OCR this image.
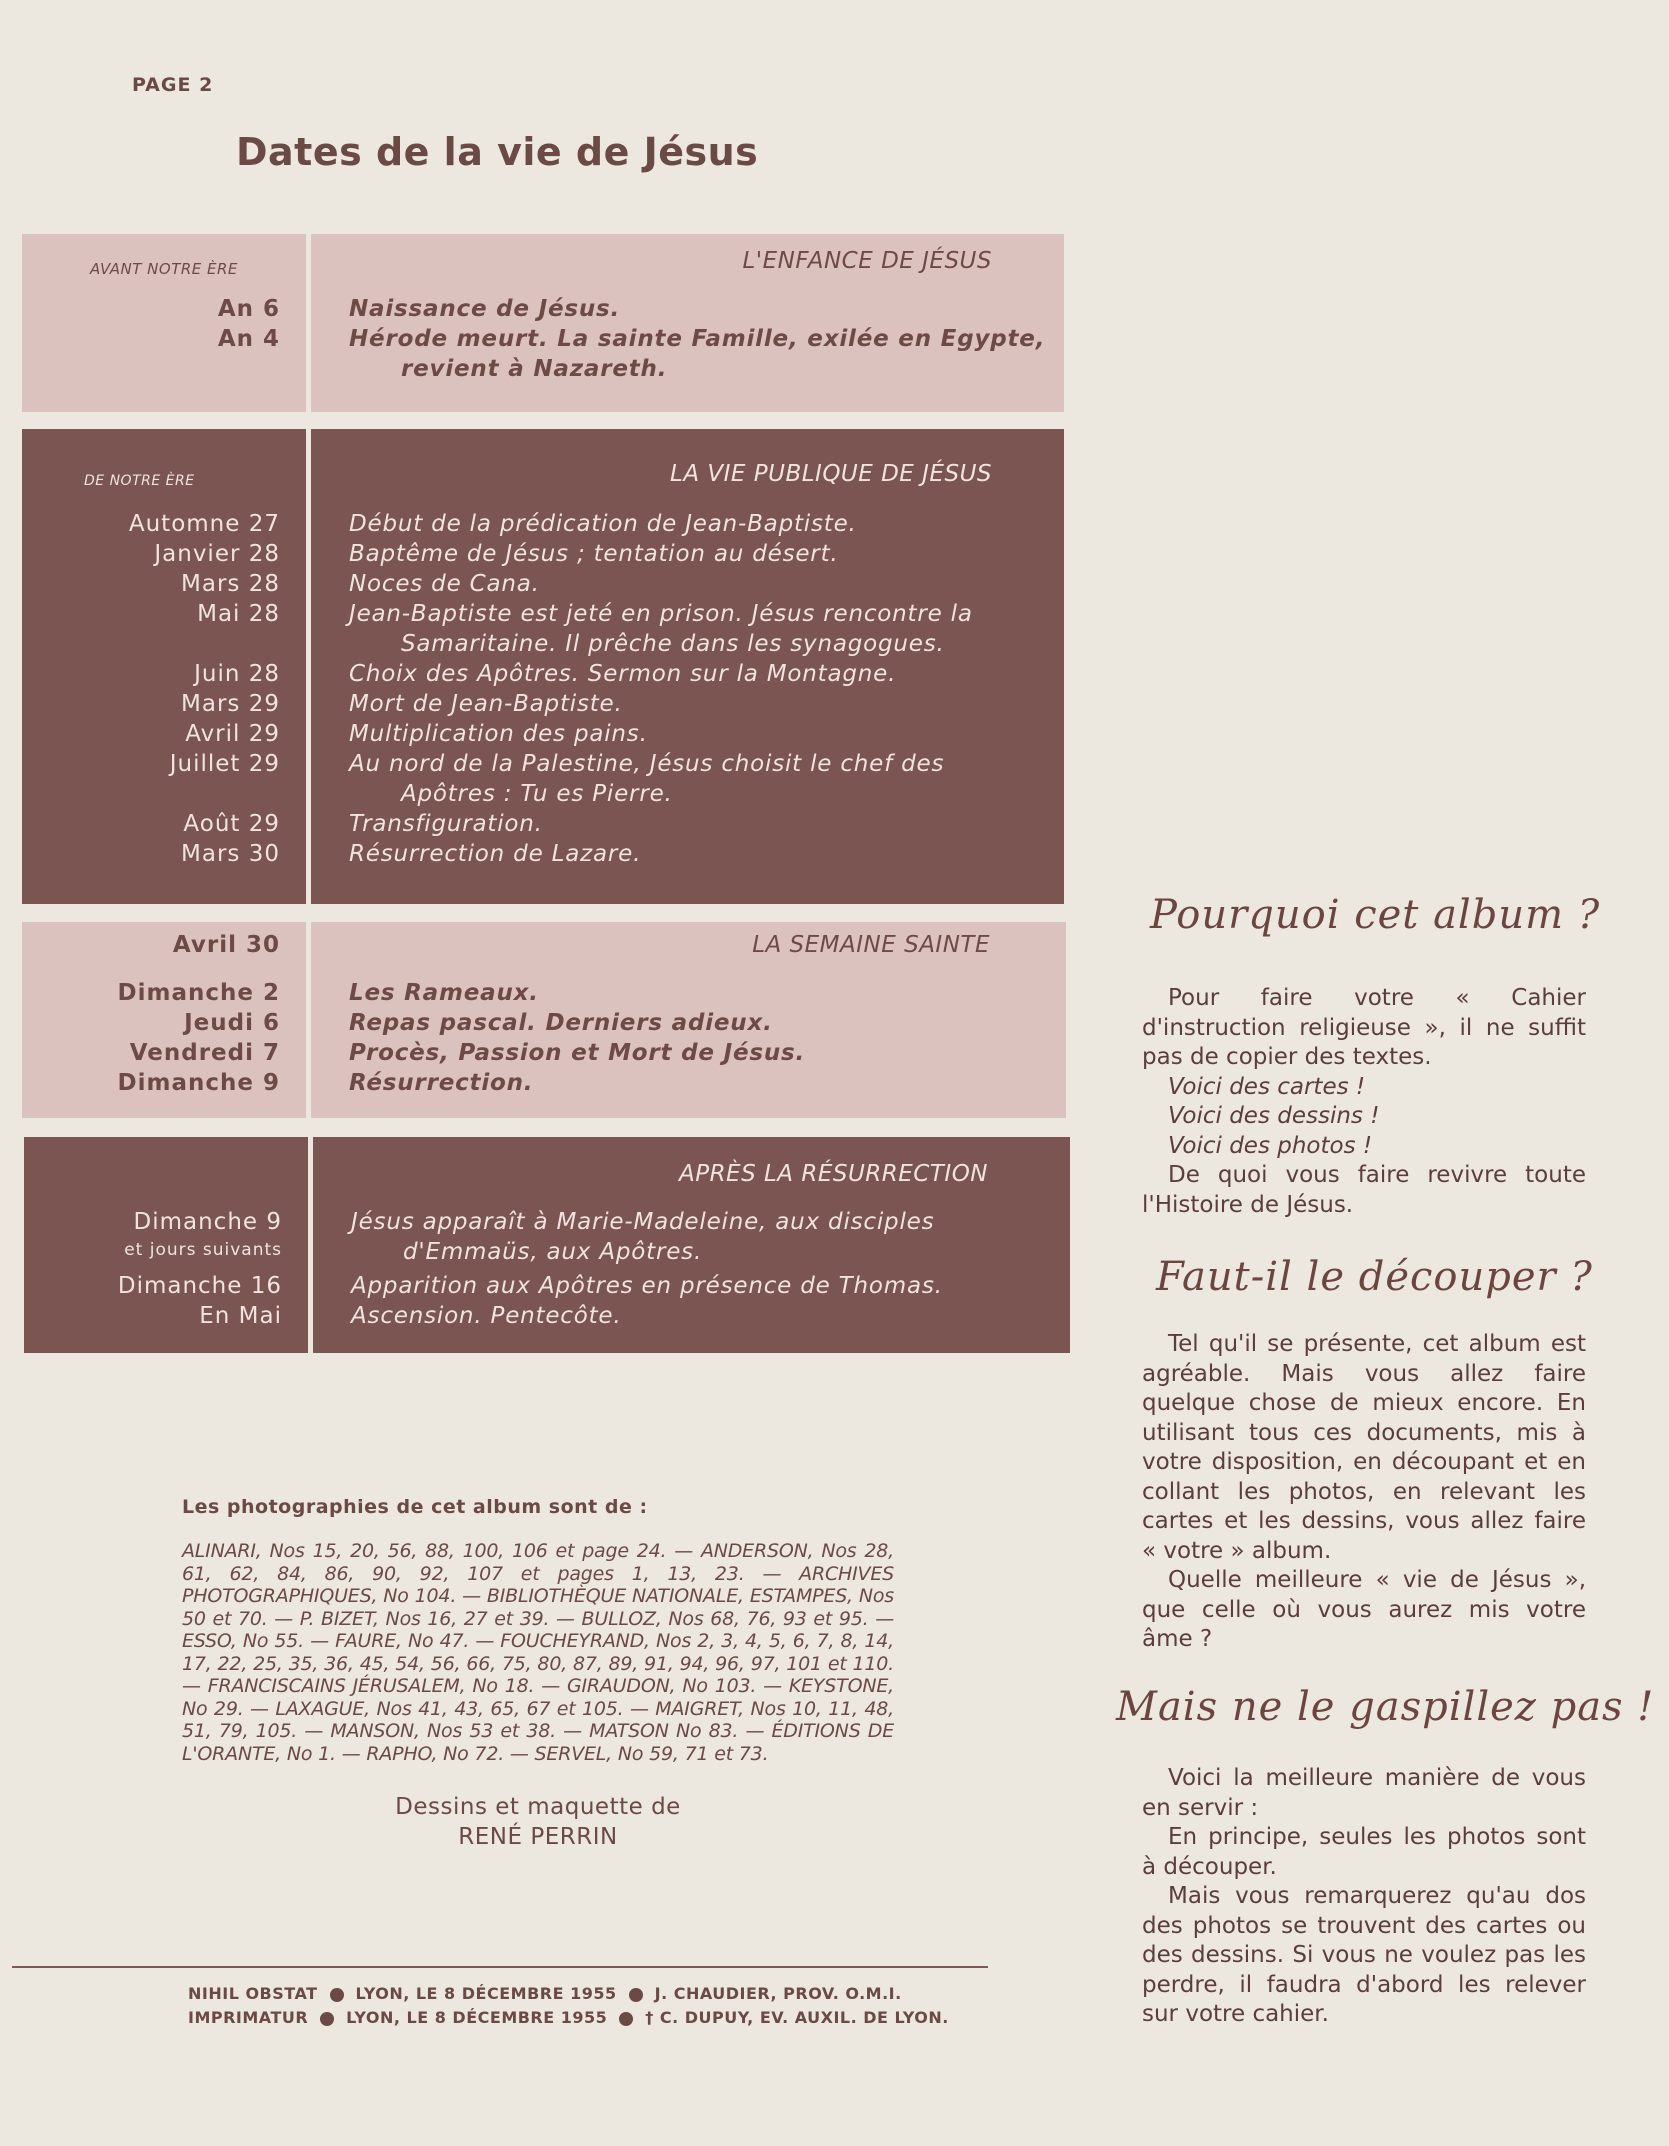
PAGE 2
Dates de la vie de Jésus
AVANT NOTRE ÈRE
An 6
An 4
L'ENFANCE DE JÉSUS
Naissance de Jésus.
Hérode meurt. La sainte Famille, exilée en Egypte,
revient à Nazareth.
DE NOTRE ÈRE
Automne 27
Janvier 28
Mars 28
Mai 28
Juin 28
Mars 29
Avril 29
Juillet 29
Août 29
Mars 30
LA VIE PUBLIQUE DE JÉSUS
Début de la prédication de Jean-Baptiste.
Baptême de Jésus ; tentation au désert.
Noces de Cana.
Jean-Baptiste est jeté en prison. Jésus rencontre la
Samaritaine. Il prêche dans les synagogues.
Choix des Apôtres. Sermon sur la Montagne.
Mort de Jean-Baptiste.
Multiplication des pains.
Au nord de la Palestine, Jésus choisit le chef des
Apôtres : Tu es Pierre.
Transfiguration.
Résurrection de Lazare.
Avril 30
Dimanche 2
Jeudi 6
Vendredi 7
Dimanche 9
LA SEMAINE SAINTE
Les Rameaux.
Repas pascal. Derniers adieux.
Procès, Passion et Mort de Jésus.
Résurrection.
Dimanche 9
et jours suivants
Dimanche 16
En Mai
APRÈS LA RÉSURRECTION
Jésus apparaît à Marie-Madeleine, aux disciples
d'Emmaüs, aux Apôtres.
Apparition aux Apôtres en présence de Thomas.
Ascension. Pentecôte.
Pourquoi cet album ?

Pour faire votre « Cahier d'instruction religieuse », il ne suffit pas de copier des textes.

Voici des cartes !

Voici des dessins !

Voici des photos !

De quoi vous faire revivre toute l'Histoire de Jésus.

Faut-il le découper ?

Tel qu'il se présente, cet album est agréable. Mais vous allez faire quelque chose de mieux encore. En utilisant tous ces documents, mis à votre disposition, en découpant et en collant les photos, en relevant les cartes et les dessins, vous allez faire « votre » album.

Quelle meilleure « vie de Jésus », que celle où vous aurez mis votre âme ?

Mais ne le gaspillez pas !

Voici la meilleure manière de vous en servir :

En principe, seules les photos sont à découper.

Mais vous remarquerez qu'au dos des photos se trouvent des cartes ou des dessins. Si vous ne voulez pas les perdre, il faudra d'abord les relever sur votre cahier.

Les photographies de cet album sont de :
ALINARI, Nos 15, 20, 56, 88, 100, 106 et page 24. — ANDERSON, Nos 28, 61, 62, 84, 86, 90, 92, 107 et pages 1, 13, 23. — ARCHIVES PHOTOGRAPHIQUES, No 104. — BIBLIOTHÈQUE NATIONALE, ESTAMPES, Nos 50 et 70. — P. BIZET, Nos 16, 27 et 39. — BULLOZ, Nos 68, 76, 93 et 95. — ESSO, No 55. — FAURE, No 47. — FOUCHEYRAND, Nos 2, 3, 4, 5, 6, 7, 8, 14, 17, 22, 25, 35, 36, 45, 54, 56, 66, 75, 80, 87, 89, 91, 94, 96, 97, 101 et 110. — FRANCISCAINS JÉRUSALEM, No 18. — GIRAUDON, No 103. — KEYSTONE, No 29. — LAXAGUE, Nos 41, 43, 65, 67 et 105. — MAIGRET, Nos 10, 11, 48, 51, 79, 105. — MANSON, Nos 53 et 38. — MATSON No 83. — ÉDITIONS DE L'ORANTE, No 1. — RAPHO, No 72. — SERVEL, No 59, 71 et 73.
Dessins et maquette de
RENÉ PERRIN
NIHIL OBSTAT LYON, LE 8 DÉCEMBRE 1955 J. CHAUDIER, PROV. O.M.I.
IMPRIMATUR LYON, LE 8 DÉCEMBRE 1955 † C. DUPUY, EV. AUXIL. DE LYON.
